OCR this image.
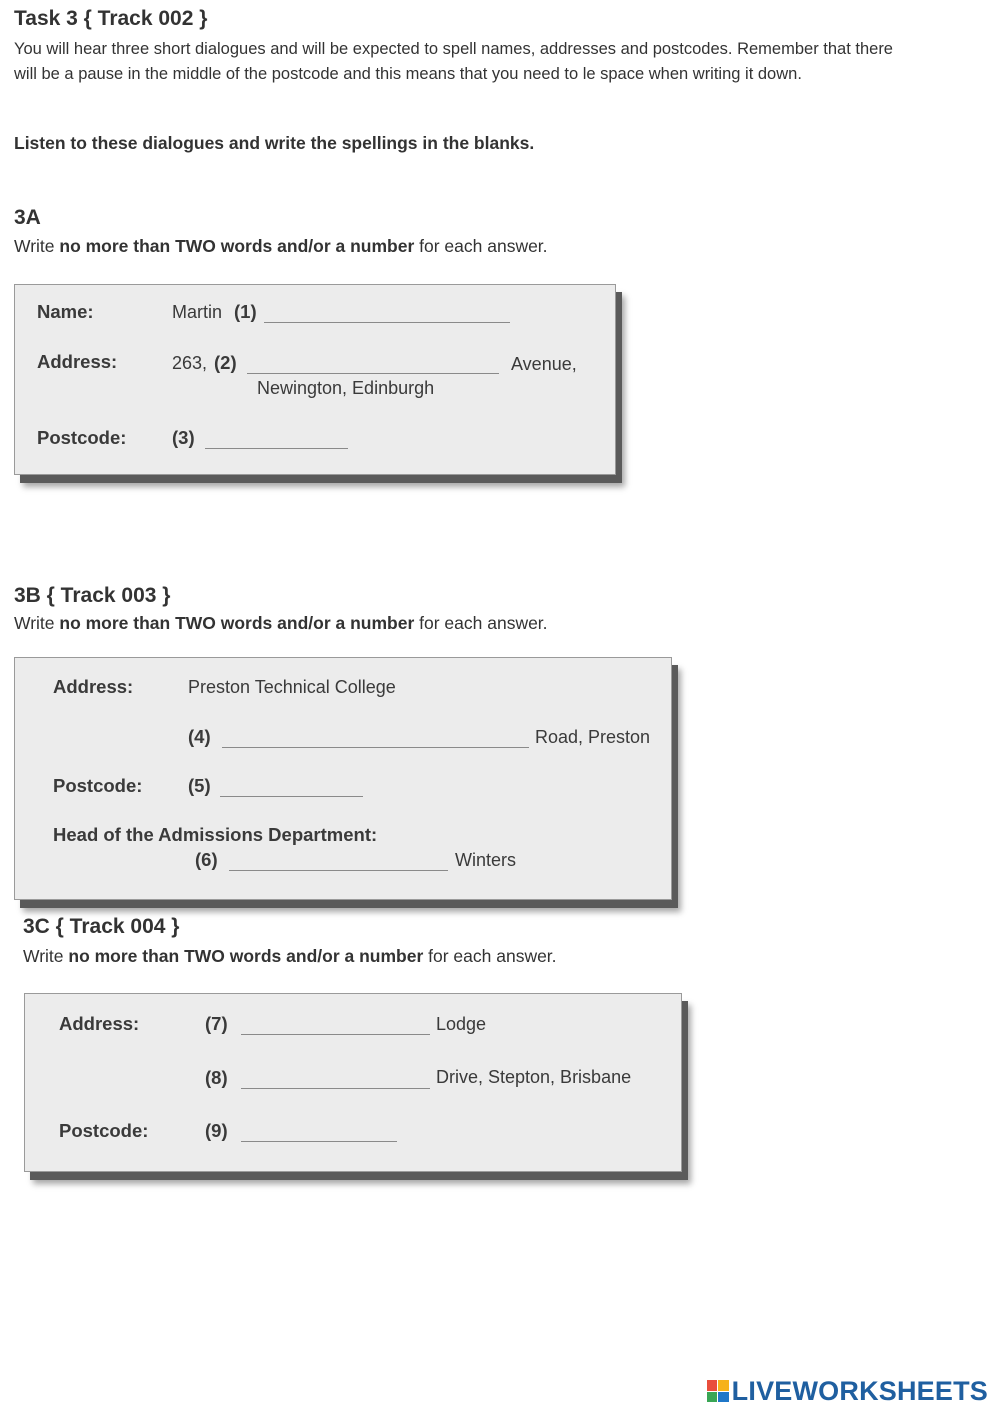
Task 3 { Track 002 }
You will hear three short dialogues and will be expected to spell names, addresses and postcodes. Remember that there will be a pause in the middle of the postcode and this means that you need to le space when writing it down.
Listen to these dialogues and write the spellings in the blanks.
3A
Write no more than TWO words and/or a number for each answer.
Name:	Martin (1)
Address:	263, (2)	Avenue,
Newington, Edinburgh
Postcode: (3)
3B { Track 003 }
Write no more than TWO words and/or a number for each answer.
Address:	Preston Technical College
(4)	Road, Preston
Postcode: (5)
Head of the Admissions Department:
(6)	Winters
3C { Track 004 }
Write no more than TWO words and/or a number for each answer.
Address:	(7)	Lodge
(8)	Drive, Stepton, Brisbane
Postcode:	(9)
LIVEWORKSHEETS
